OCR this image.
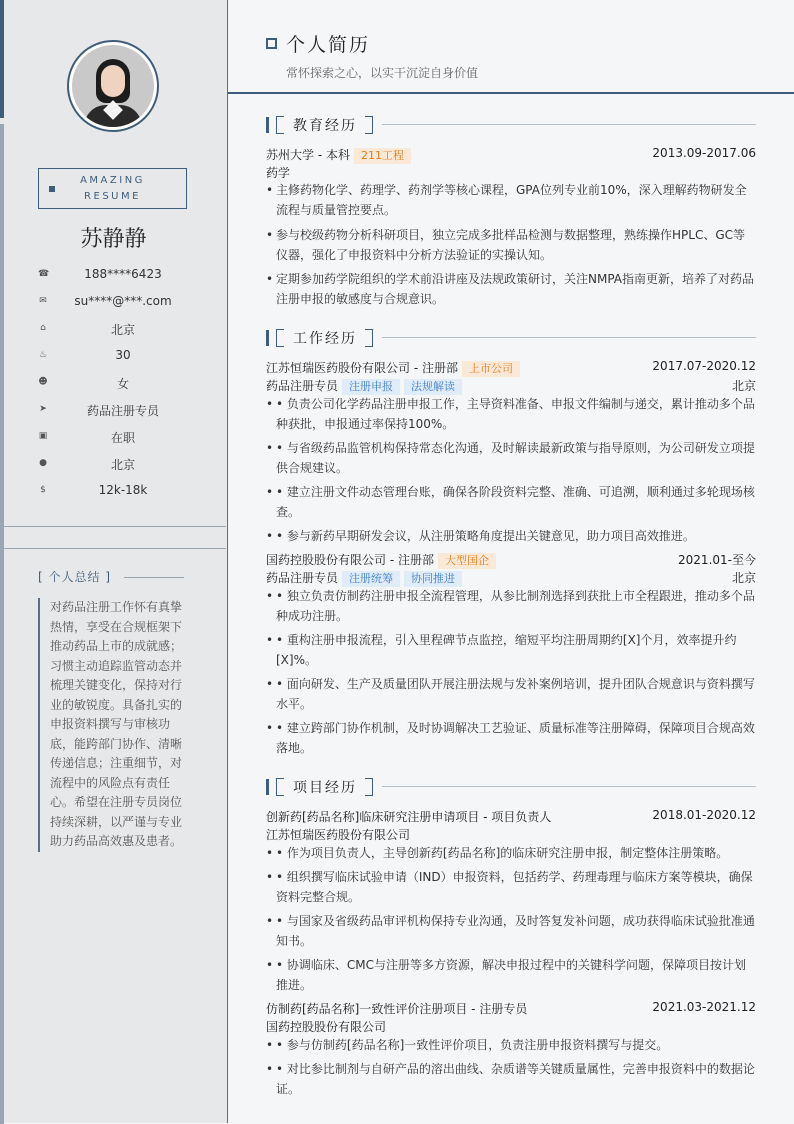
AMAZING
RESUME
苏静静
☎	188****6423
✉	su****@***.com
⌂	北京
♨	30
☻	女
➤	药品注册专员
▣	在职
●	北京
$	12k-18k
[ 个人总结 ]
对药品注册工作怀有真挚热情，享受在合规框架下推动药品上市的成就感；习惯主动追踪监管动态并梳理关键变化，保持对行业的敏锐度。具备扎实的申报资料撰写与审核功底，能跨部门协作、清晰传递信息；注重细节，对流程中的风险点有责任心。希望在注册专员岗位持续深耕，以严谨与专业助力药品高效惠及患者。
个人简历
常怀探索之心，以实干沉淀自身价值
教育经历
苏州大学 - 本科 211工程	2013.09-2017.06
药学
• 主修药物化学、药理学、药剂学等核心课程，GPA位列专业前10%，深入理解药物研发全流程与质量管控要点。
• 参与校级药物分析科研项目，独立完成多批样品检测与数据整理，熟练操作HPLC、GC等仪器，强化了申报资料中分析方法验证的实操认知。
• 定期参加药学院组织的学术前沿讲座及法规政策研讨，关注NMPA指南更新，培养了对药品注册申报的敏感度与合规意识。
工作经历
江苏恒瑞医药股份有限公司 - 注册部 上市公司	2017.07-2020.12
药品注册专员 注册申报 法规解读	北京
• • 负责公司化学药品注册申报工作，主导资料准备、申报文件编制与递交，累计推动多个品种获批，申报通过率保持100%。
• • 与省级药品监管机构保持常态化沟通，及时解读最新政策与指导原则，为公司研发立项提供合规建议。
• • 建立注册文件动态管理台账，确保各阶段资料完整、准确、可追溯，顺利通过多轮现场核查。
• • 参与新药早期研发会议，从注册策略角度提出关键意见，助力项目高效推进。
国药控股股份有限公司 - 注册部 大型国企	2021.01-至今
药品注册专员 注册统筹 协同推进	北京
• • 独立负责仿制药注册申报全流程管理，从参比制剂选择到获批上市全程跟进，推动多个品种成功注册。
• • 重构注册申报流程，引入里程碑节点监控，缩短平均注册周期约[X]个月，效率提升约[X]%。
• • 面向研发、生产及质量团队开展注册法规与发补案例培训，提升团队合规意识与资料撰写水平。
• • 建立跨部门协作机制，及时协调解决工艺验证、质量标准等注册障碍，保障项目合规高效落地。
项目经历
创新药[药品名称]临床研究注册申请项目 - 项目负责人	2018.01-2020.12
江苏恒瑞医药股份有限公司
• • 作为项目负责人，主导创新药[药品名称]的临床研究注册申报，制定整体注册策略。
• • 组织撰写临床试验申请（IND）申报资料，包括药学、药理毒理与临床方案等模块，确保资料完整合规。
• • 与国家及省级药品审评机构保持专业沟通，及时答复发补问题，成功获得临床试验批准通知书。
• • 协调临床、CMC与注册等多方资源，解决申报过程中的关键科学问题，保障项目按计划推进。
仿制药[药品名称]一致性评价注册项目 - 注册专员	2021.03-2021.12
国药控股股份有限公司
• • 参与仿制药[药品名称]一致性评价项目，负责注册申报资料撰写与提交。
• • 对比参比制剂与自研产品的溶出曲线、杂质谱等关键质量属性，完善申报资料中的数据论证。
